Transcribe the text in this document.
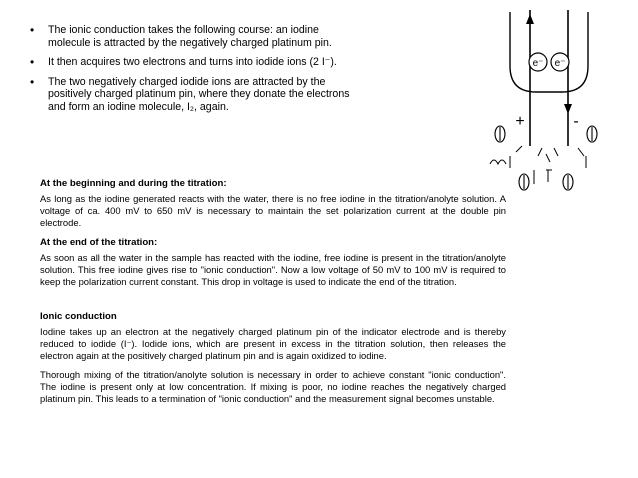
• The ionic conduction takes the following course: an iodine molecule is attracted by the negatively charged platinum pin.
• It then acquires two electrons and turns into iodide ions (2 I⁻).
• The two negatively charged iodide ions are attracted by the positively charged platinum pin, where they donate the electrons and form an iodine molecule, I₂, again.
At the beginning and during the titration:

As long as the iodine generated reacts with the water, there is no free iodine in the titration/anolyte solution. A voltage of ca. 400 mV to 650 mV is necessary to maintain the set polarization current at the double pin electrode.

At the end of the titration:

As soon as all the water in the sample has reacted with the iodine, free iodine is present in the titration/anolyte solution. This free iodine gives rise to "ionic conduction". Now a low voltage of 50 mV to 100 mV is required to keep the polarization current constant. This drop in voltage is used to indicate the end of the titration.

Ionic conduction

Iodine takes up an electron at the negatively charged platinum pin of the indicator electrode and is thereby reduced to iodide (I⁻). Iodide ions, which are present in excess in the titration solution, then releases the electron again at the positively charged platinum pin and is again oxidized to iodine.

Thorough mixing of the titration/anolyte solution is necessary in order to achieve constant "ionic conduction". The iodine is present only at low concentration. If mixing is poor, no iodine reaches the negatively charged platinum pin. This leads to a termination of "ionic conduction" and the measurement signal becomes unstable.

e⁻ e⁻
+	-
